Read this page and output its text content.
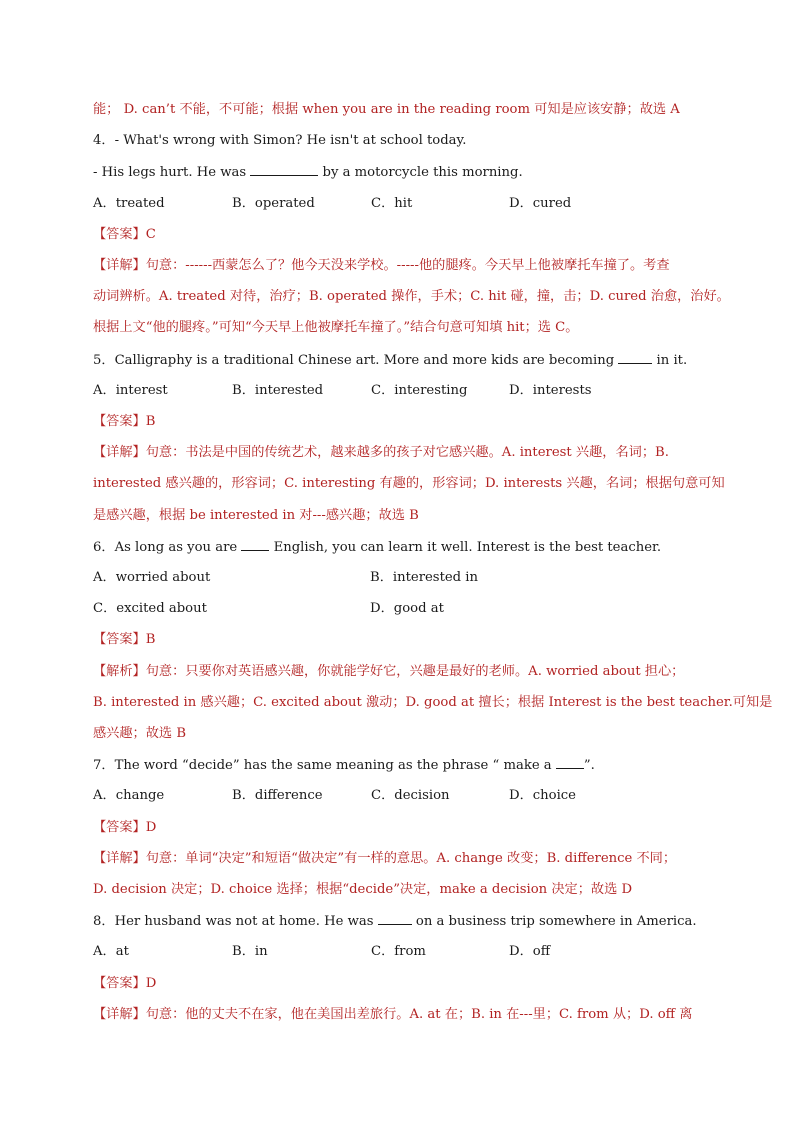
能； D. can’t 不能，不可能；根据 when you are in the reading room 可知是应该安静；故选 A
4．- What's wrong with Simon? He isn't at school today.
- His legs hurt. He was	by a motorcycle this morning.
A．treated	B．operated	C．hit	D．cured
【答案】C
【详解】句意：------西蒙怎么了？他今天没来学校。-----他的腿疼。今天早上他被摩托车撞了。考查
动词辨析。A. treated 对待，治疗；B. operated 操作，手术；C. hit 碰，撞，击；D. cured 治愈，治好。
根据上文“他的腿疼。”可知“今天早上他被摩托车撞了。”结合句意可知填 hit；选 C。
5．Calligraphy is a traditional Chinese art. More and more kids are becoming	in it.
A．interest	B．interested	C．interesting	D．interests
【答案】B
【详解】句意：书法是中国的传统艺术，越来越多的孩子对它感兴趣。A. interest 兴趣，名词；B.
interested 感兴趣的，形容词；C. interesting 有趣的，形容词；D. interests 兴趣，名词；根据句意可知
是感兴趣，根据 be interested in 对---感兴趣；故选 B
6．As long as you are  English, you can learn it well. Interest is the best teacher.
A．worried about	B．interested in
C．excited about	D．good at
【答案】B
【解析】句意：只要你对英语感兴趣，你就能学好它，兴趣是最好的老师。A. worried about 担心；
B. interested in 感兴趣；C. excited about 激动；D. good at 擅长；根据 Interest is the best teacher.可知是
感兴趣；故选 B
7．The word “decide” has the same meaning as the phrase “ make a ”.
A．change	B．difference	C．decision	D．choice
【答案】D
【详解】句意：单词“决定”和短语“做决定”有一样的意思。A. change 改变；B. difference 不同；
D. decision 决定；D. choice 选择；根据“decide”决定，make a decision 决定；故选 D
8．Her husband was not at home. He was	on a business trip somewhere in America.
A．at	B．in	C．from	D．off
【答案】D
【详解】句意：他的丈夫不在家，他在美国出差旅行。A. at 在；B. in 在---里；C. from 从；D. off 离
